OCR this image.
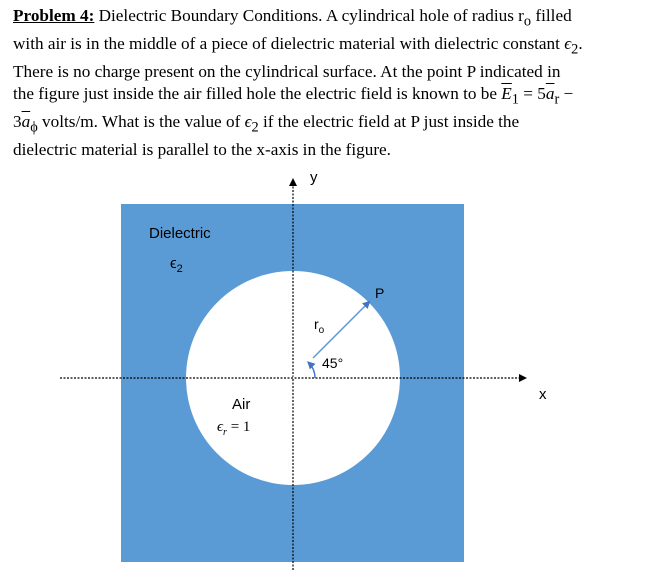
Problem 4: Dielectric Boundary Conditions. A cylindrical hole of radius $r_o$ filled
with air is in the middle of a piece of dielectric material with dielectric constant $\epsilon_2$.
There is no charge present on the cylindrical surface. At the point P indicated in
the figure just inside the air filled hole the electric field is known to be $\overline{E}_1 = 5\overline{a}_r$ −
$3\overline{a}_\phi$ volts/m. What is the value of $\epsilon_2$ if the electric field at P just inside the
dielectric material is parallel to the x-axis in the figure.
y
x
Dielectric
$\epsilon_2$
$r_o$
45°
P
Air
$\epsilon_r = 1$
